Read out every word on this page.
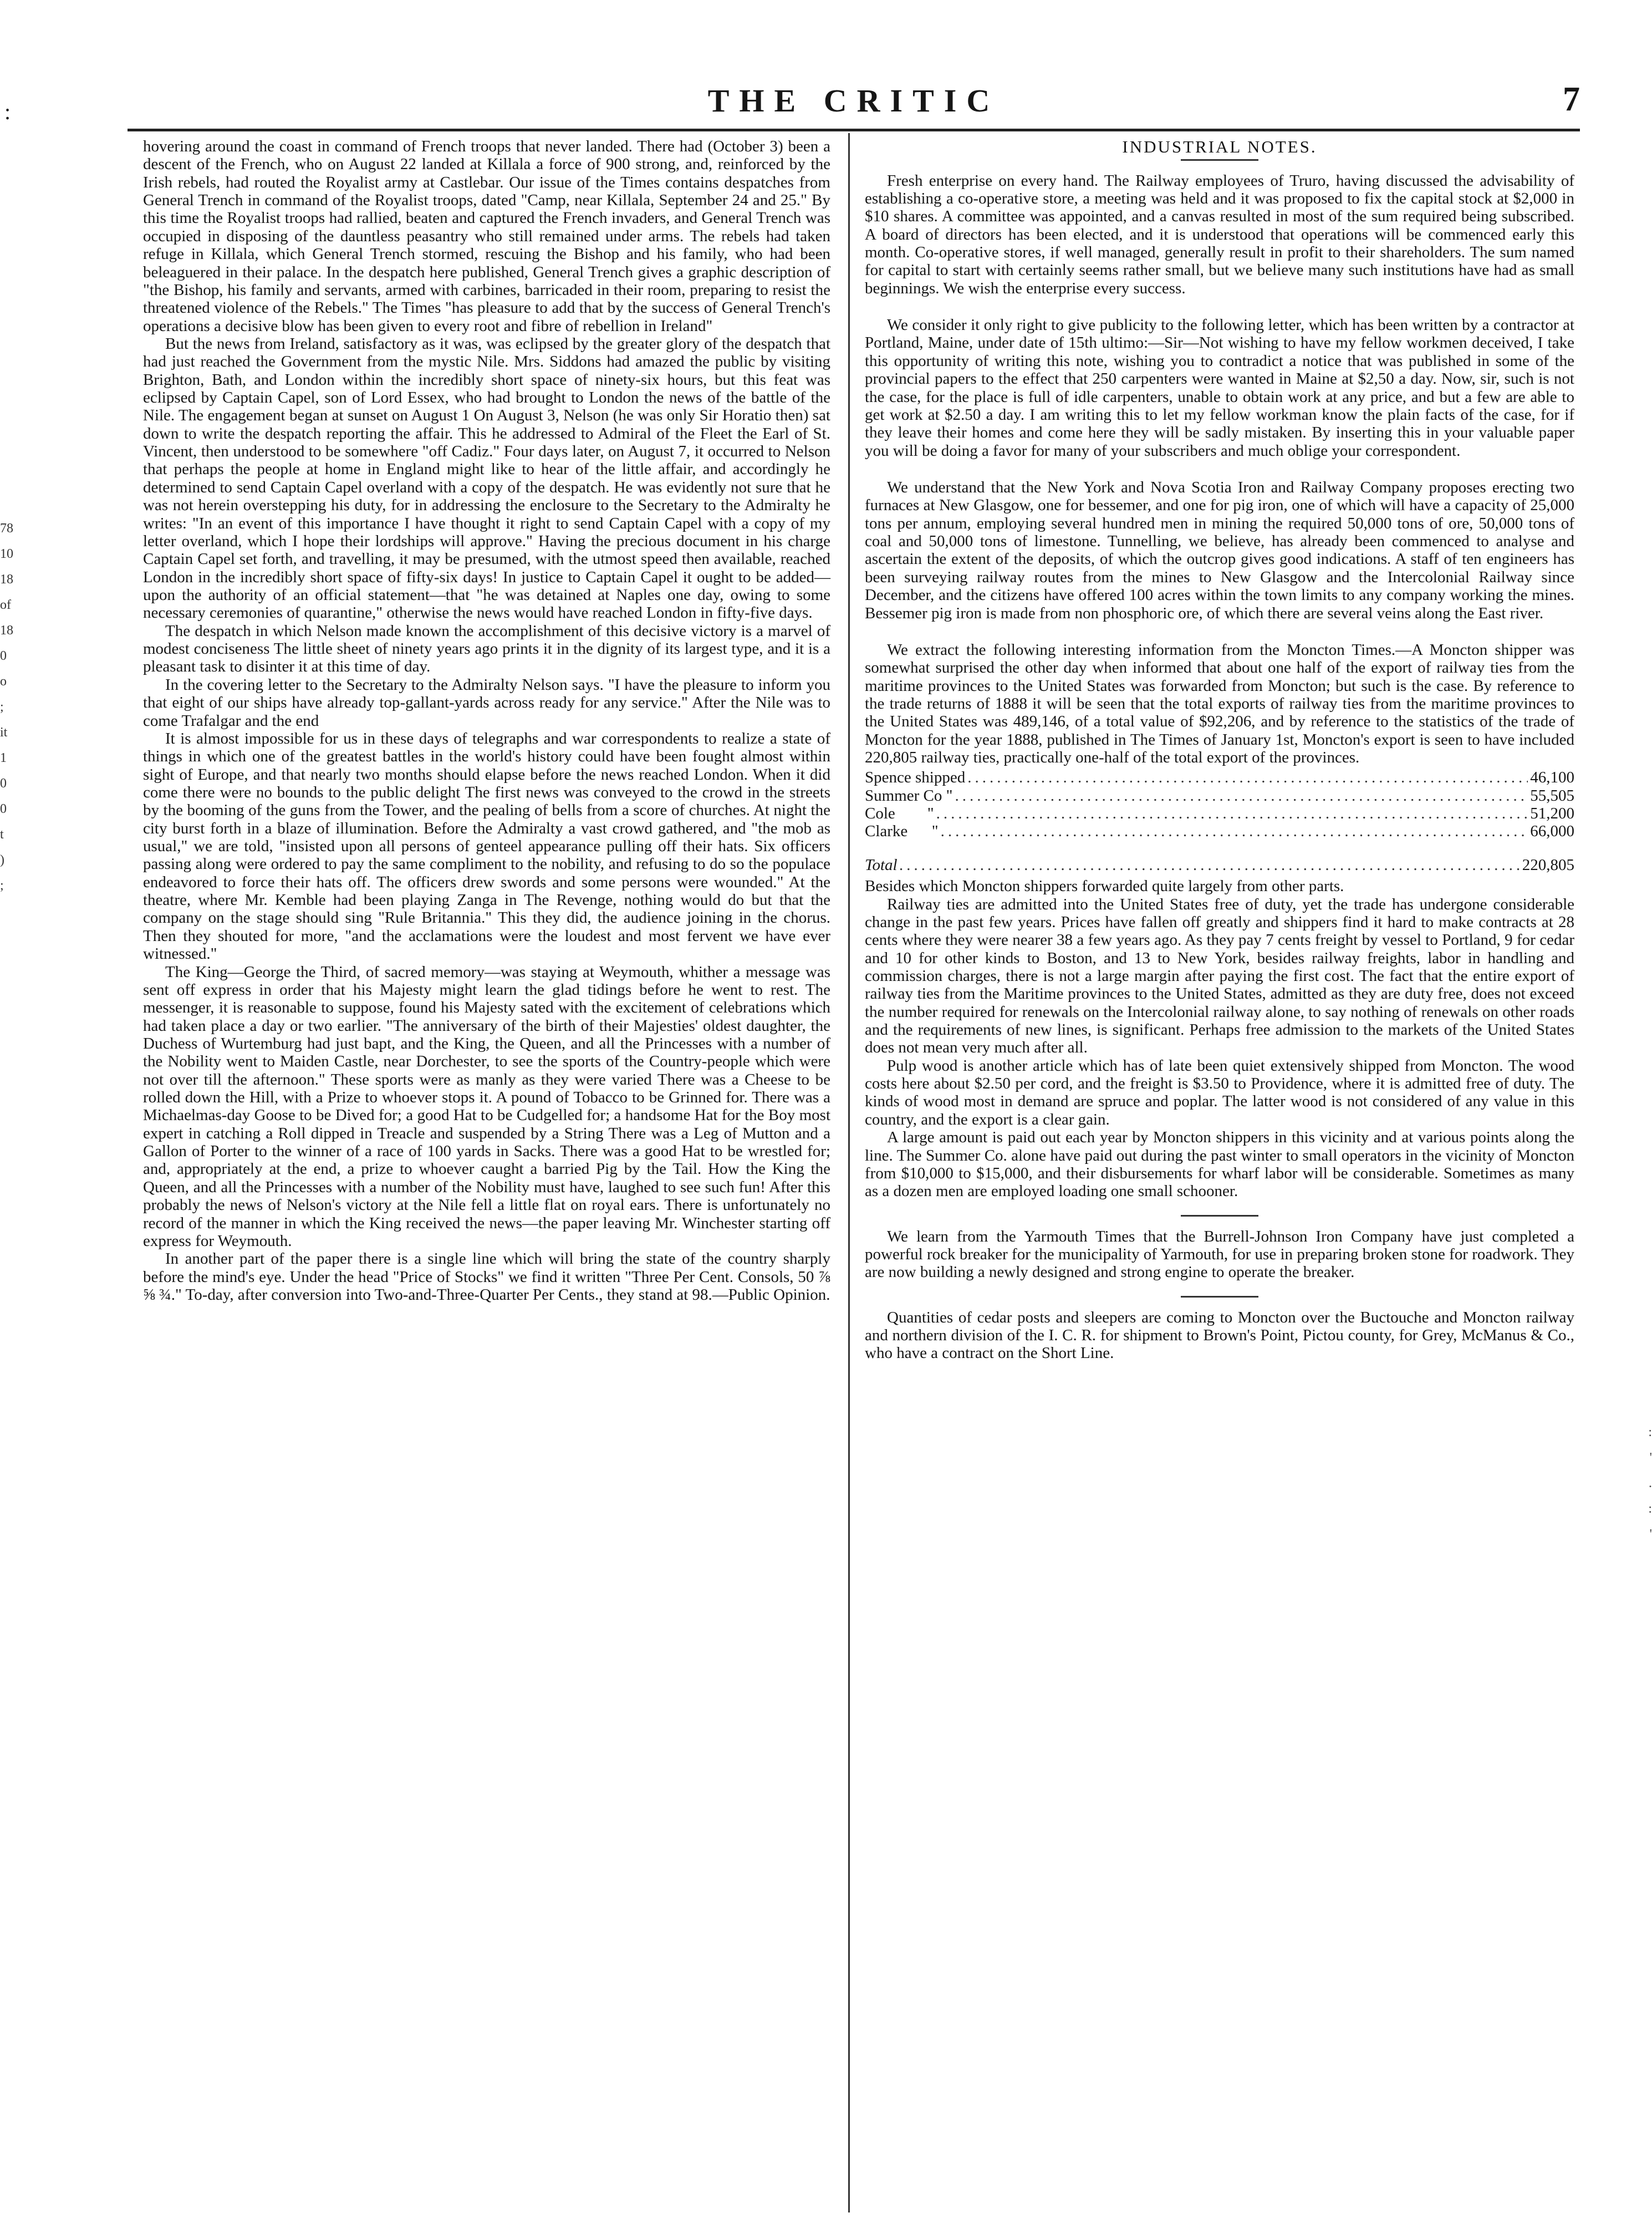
:	THE CRITIC	7
78
10
18
of
18
0
o
;
it
1
0
0
t
)
;
:
'
.
:
'

hovering around the coast in command of French troops that never landed. There had (October 3) been a descent of the French, who on August 22 landed at Killala a force of 900 strong, and, reinforced by the Irish rebels, had routed the Royalist army at Castlebar. Our issue of the Times contains despatches from General Trench in command of the Royalist troops, dated "Camp, near Killala, September 24 and 25." By this time the Royalist troops had rallied, beaten and captured the French invaders, and General Trench was occupied in disposing of the dauntless peasantry who still remained under arms. The rebels had taken refuge in Killala, which General Trench stormed, rescuing the Bishop and his family, who had been beleaguered in their palace. In the despatch here published, General Trench gives a graphic description of "the Bishop, his family and servants, armed with carbines, barricaded in their room, preparing to resist the threatened violence of the Rebels." The Times "has pleasure to add that by the success of General Trench's operations a decisive blow has been given to every root and fibre of rebellion in Ireland"

But the news from Ireland, satisfactory as it was, was eclipsed by the greater glory of the despatch that had just reached the Government from the mystic Nile. Mrs. Siddons had amazed the public by visiting Brighton, Bath, and London within the incredibly short space of ninety-six hours, but this feat was eclipsed by Captain Capel, son of Lord Essex, who had brought to London the news of the battle of the Nile. The engagement began at sunset on August 1 On August 3, Nelson (he was only Sir Horatio then) sat down to write the despatch reporting the affair. This he addressed to Admiral of the Fleet the Earl of St. Vincent, then understood to be somewhere "off Cadiz." Four days later, on August 7, it occurred to Nelson that perhaps the people at home in England might like to hear of the little affair, and accordingly he determined to send Captain Capel overland with a copy of the despatch. He was evidently not sure that he was not herein overstepping his duty, for in addressing the enclosure to the Secretary to the Admiralty he writes: "In an event of this importance I have thought it right to send Captain Capel with a copy of my letter overland, which I hope their lordships will approve." Having the precious document in his charge Captain Capel set forth, and travelling, it may be presumed, with the utmost speed then available, reached London in the incredibly short space of fifty-six days! In justice to Captain Capel it ought to be added—upon the authority of an official statement—that "he was detained at Naples one day, owing to some necessary ceremonies of quarantine," otherwise the news would have reached London in fifty-five days.

The despatch in which Nelson made known the accomplishment of this decisive victory is a marvel of modest conciseness The little sheet of ninety years ago prints it in the dignity of its largest type, and it is a pleasant task to disinter it at this time of day.

In the covering letter to the Secretary to the Admiralty Nelson says. "I have the pleasure to inform you that eight of our ships have already top-gallant-yards across ready for any service." After the Nile was to come Trafalgar and the end

It is almost impossible for us in these days of telegraphs and war correspondents to realize a state of things in which one of the greatest battles in the world's history could have been fought almost within sight of Europe, and that nearly two months should elapse before the news reached London. When it did come there were no bounds to the public delight The first news was conveyed to the crowd in the streets by the booming of the guns from the Tower, and the pealing of bells from a score of churches. At night the city burst forth in a blaze of illumination. Before the Admiralty a vast crowd gathered, and "the mob as usual," we are told, "insisted upon all persons of genteel appearance pulling off their hats. Six officers passing along were ordered to pay the same compliment to the nobility, and refusing to do so the populace endeavored to force their hats off. The officers drew swords and some persons were wounded." At the theatre, where Mr. Kemble had been playing Zanga in The Revenge, nothing would do but that the company on the stage should sing "Rule Britannia." This they did, the audience joining in the chorus. Then they shouted for more, "and the acclamations were the loudest and most fervent we have ever witnessed."

The King—George the Third, of sacred memory—was staying at Weymouth, whither a message was sent off express in order that his Majesty might learn the glad tidings before he went to rest. The messenger, it is reasonable to suppose, found his Majesty sated with the excitement of celebrations which had taken place a day or two earlier. "The anniversary of the birth of their Majesties' oldest daughter, the Duchess of Wurtemburg had just bapt, and the King, the Queen, and all the Princesses with a number of the Nobility went to Maiden Castle, near Dorchester, to see the sports of the Country-people which were not over till the afternoon." These sports were as manly as they were varied There was a Cheese to be rolled down the Hill, with a Prize to whoever stops it. A pound of Tobacco to be Grinned for. There was a Michaelmas-day Goose to be Dived for; a good Hat to be Cudgelled for; a handsome Hat for the Boy most expert in catching a Roll dipped in Treacle and suspended by a String There was a Leg of Mutton and a Gallon of Porter to the winner of a race of 100 yards in Sacks. There was a good Hat to be wrestled for; and, appropriately at the end, a prize to whoever caught a barried Pig by the Tail. How the King the Queen, and all the Princesses with a number of the Nobility must have, laughed to see such fun! After this probably the news of Nelson's victory at the Nile fell a little flat on royal ears. There is unfortunately no record of the manner in which the King received the news—the paper leaving Mr. Winchester starting off express for Weymouth.

In another part of the paper there is a single line which will bring the state of the country sharply before the mind's eye. Under the head "Price of Stocks" we find it written "Three Per Cent. Consols, 50 ⅞ ⅝ ¾." To-day, after conversion into Two-and-Three-Quarter Per Cents., they stand at 98.—Public Opinion.

INDUSTRIAL NOTES.

Fresh enterprise on every hand. The Railway employees of Truro, having discussed the advisability of establishing a co-operative store, a meeting was held and it was proposed to fix the capital stock at $2,000 in $10 shares. A committee was appointed, and a canvas resulted in most of the sum required being subscribed. A board of directors has been elected, and it is understood that operations will be commenced early this month. Co-operative stores, if well managed, generally result in profit to their shareholders. The sum named for capital to start with certainly seems rather small, but we believe many such institutions have had as small beginnings. We wish the enterprise every success.

We consider it only right to give publicity to the following letter, which has been written by a contractor at Portland, Maine, under date of 15th ultimo:—Sir—Not wishing to have my fellow workmen deceived, I take this opportunity of writing this note, wishing you to contradict a notice that was published in some of the provincial papers to the effect that 250 carpenters were wanted in Maine at $2,50 a day. Now, sir, such is not the case, for the place is full of idle carpenters, unable to obtain work at any price, and but a few are able to get work at $2.50 a day. I am writing this to let my fellow workman know the plain facts of the case, for if they leave their homes and come here they will be sadly mistaken. By inserting this in your valuable paper you will be doing a favor for many of your subscribers and much oblige your correspondent.

We understand that the New York and Nova Scotia Iron and Railway Company proposes erecting two furnaces at New Glasgow, one for bessemer, and one for pig iron, one of which will have a capacity of 25,000 tons per annum, employing several hundred men in mining the required 50,000 tons of ore, 50,000 tons of coal and 50,000 tons of limestone. Tunnelling, we believe, has already been commenced to analyse and ascertain the extent of the deposits, of which the outcrop gives good indications. A staff of ten engineers has been surveying railway routes from the mines to New Glasgow and the Intercolonial Railway since December, and the citizens have offered 100 acres within the town limits to any company working the mines. Bessemer pig iron is made from non phosphoric ore, of which there are several veins along the East river.

We extract the following interesting information from the Moncton Times.—A Moncton shipper was somewhat surprised the other day when informed that about one half of the export of railway ties from the maritime provinces to the United States was forwarded from Moncton; but such is the case. By reference to the trade returns of 1888 it will be seen that the total exports of railway ties from the maritime provinces to the United States was 489,146, of a total value of $92,206, and by reference to the statistics of the trade of Moncton for the year 1888, published in The Times of January 1st, Moncton's export is seen to have included 220,805 railway ties, practically one-half of the total export of the provinces.

Spence shipped .....	46,100
Summer Co " .....	55,505
Cole        " .....	51,200
Clarke      " .....	66,000
Total .....	220,805

Besides which Moncton shippers forwarded quite largely from other parts.

Railway ties are admitted into the United States free of duty, yet the trade has undergone considerable change in the past few years. Prices have fallen off greatly and shippers find it hard to make contracts at 28 cents where they were nearer 38 a few years ago. As they pay 7 cents freight by vessel to Portland, 9 for cedar and 10 for other kinds to Boston, and 13 to New York, besides railway freights, labor in handling and commission charges, there is not a large margin after paying the first cost. The fact that the entire export of railway ties from the Maritime provinces to the United States, admitted as they are duty free, does not exceed the number required for renewals on the Intercolonial railway alone, to say nothing of renewals on other roads and the requirements of new lines, is significant. Perhaps free admission to the markets of the United States does not mean very much after all.

Pulp wood is another article which has of late been quiet extensively shipped from Moncton. The wood costs here about $2.50 per cord, and the freight is $3.50 to Providence, where it is admitted free of duty. The kinds of wood most in demand are spruce and poplar. The latter wood is not considered of any value in this country, and the export is a clear gain.

A large amount is paid out each year by Moncton shippers in this vicinity and at various points along the line. The Summer Co. alone have paid out during the past winter to small operators in the vicinity of Moncton from $10,000 to $15,000, and their disbursements for wharf labor will be considerable. Sometimes as many as a dozen men are employed loading one small schooner.

We learn from the Yarmouth Times that the Burrell-Johnson Iron Company have just completed a powerful rock breaker for the municipality of Yarmouth, for use in preparing broken stone for roadwork. They are now building a newly designed and strong engine to operate the breaker.

Quantities of cedar posts and sleepers are coming to Moncton over the Buctouche and Moncton railway and northern division of the I. C. R. for shipment to Brown's Point, Pictou county, for Grey, McManus & Co., who have a contract on the Short Line.
